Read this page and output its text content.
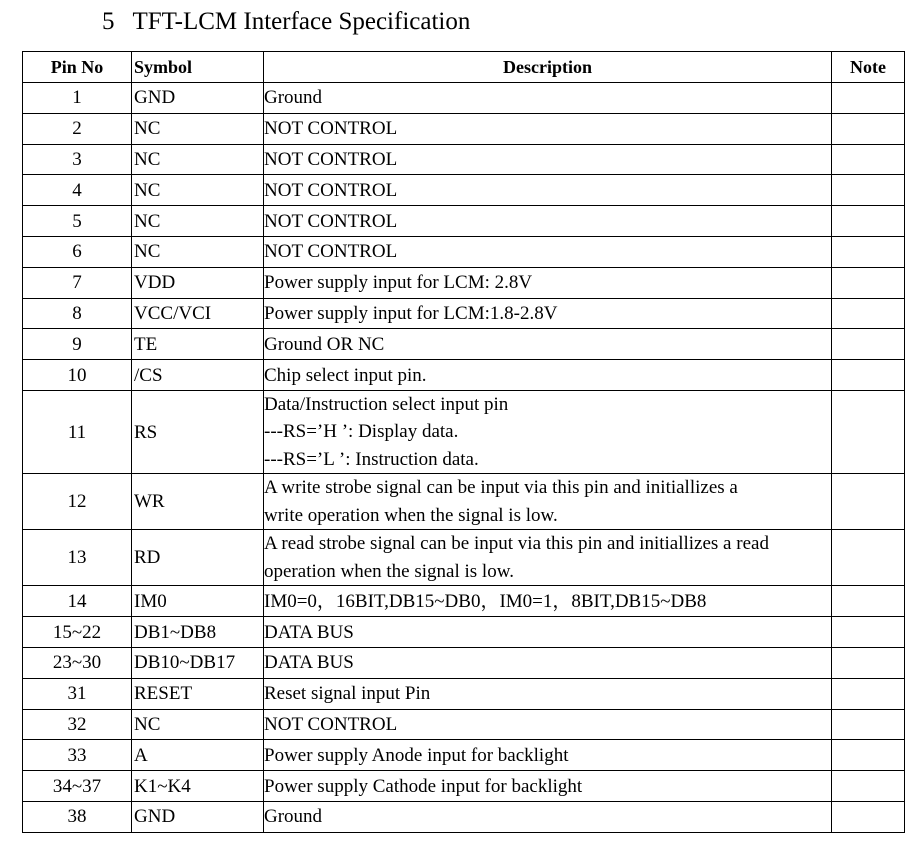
5 TFT-LCM Interface Specification
Pin No	Symbol	Description	Note
1	GND	Ground	

2	NC	NOT CONTROL	

3	NC	NOT CONTROL	

4	NC	NOT CONTROL	

5	NC	NOT CONTROL	

6	NC	NOT CONTROL	

7	VDD	Power supply input for LCM: 2.8V	

8	VCC/VCI	Power supply input for LCM:1.8-2.8V	

9	TE	Ground OR NC	

10	/CS	Chip select input pin.	

11	RS	Data/Instruction select input pin
---RS=’H ’: Display data.
---RS=’L ’: Instruction data.	

12	WR	A write strobe signal can be input via this pin and initiallizes a
write operation when the signal is low.	

13	RD	A read strobe signal can be input via this pin and initiallizes a read
operation when the signal is low.	

14	IM0	IM0=0，16BIT,DB15~DB0，IM0=1，8BIT,DB15~DB8	

15~22	DB1~DB8	DATA BUS	

23~30	DB10~DB17	DATA BUS	

31	RESET	Reset signal input Pin	

32	NC	NOT CONTROL	

33	A	Power supply Anode input for backlight	

34~37	K1~K4	Power supply Cathode input for backlight	

38	GND	Ground	
